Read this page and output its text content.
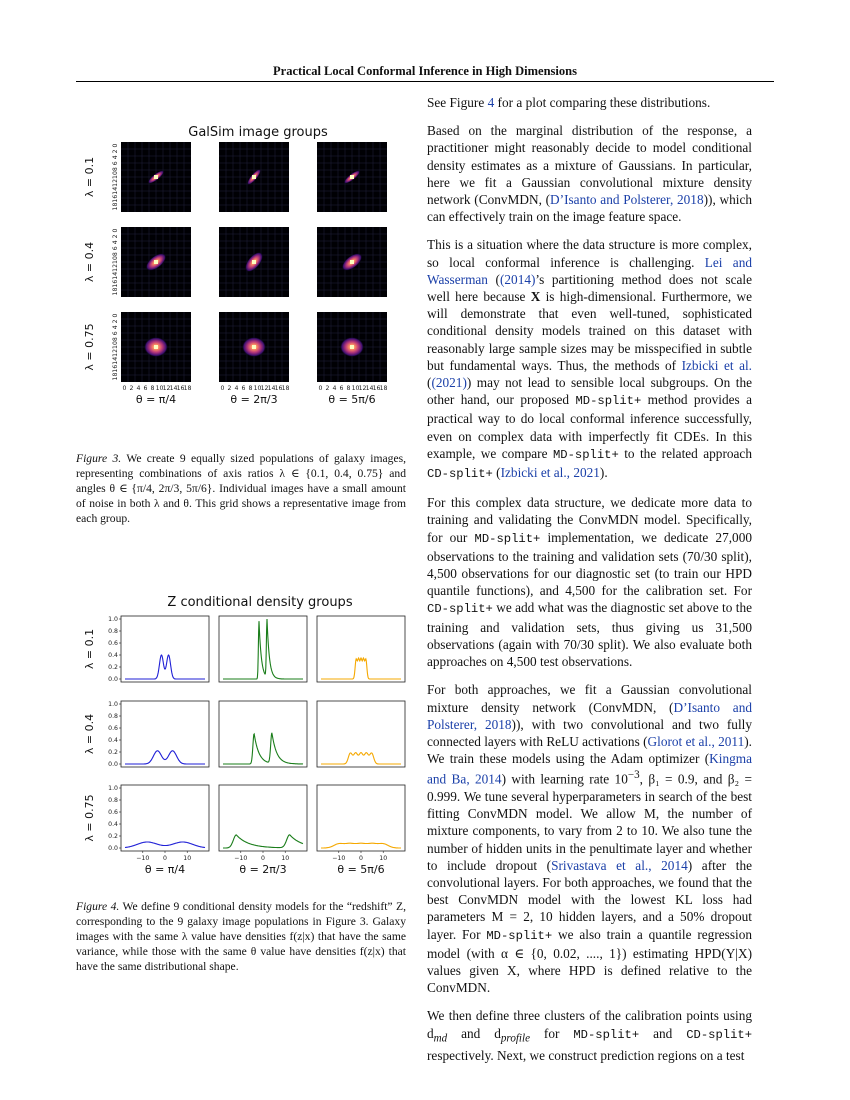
Practical Local Conformal Inference in High Dimensions
GalSim image groups
λ = 0.1	18161412108 6 4 2 0
λ = 0.4	18161412108 6 4 2 0
λ = 0.75	18161412108 6 4 2 0
0 2 4 6 8 10 12 14 16 18
θ = π/4
0 2 4 6 8 10 12 14 16 18
θ = 2π/3
0 2 4 6 8 10 12 14 16 18
θ = 5π/6

Figure 3. We create 9 equally sized populations of galaxy images, representing combinations of axis ratios λ ∈ {0.1, 0.4, 0.75} and angles θ ∈ {π/4, 2π/3, 5π/6}. Individual images have a small amount of noise in both λ and θ. This grid shows a representative image from each group.

Z conditional density groups
λ = 0.1
0.0
0.2
0.4
0.6
0.8
1.0
λ = 0.4
0.0
0.2
0.4
0.6
0.8
1.0
λ = 0.75
0.0
0.2
0.4
0.6
0.8
1.0
−10 0	10
θ = π/4
−10 0	10
θ = 2π/3
−10 0	10
θ = 5π/6

Figure 4. We define 9 conditional density models for the “redshift” Z, corresponding to the 9 galaxy image populations in Figure 3. Galaxy images with the same λ value have densities f(z|x) that have the same variance, while those with the same θ value have densities f(z|x) that have the same distributional shape.

See Figure 4 for a plot comparing these distributions.

Based on the marginal distribution of the response, a practitioner might reasonably decide to model conditional density estimates as a mixture of Gaussians. In particular, here we fit a Gaussian convolutional mixture density network (ConvMDN, (D’Isanto and Polsterer, 2018)), which can effectively train on the image feature space.

This is a situation where the data structure is more complex, so local conformal inference is challenging. Lei and Wasserman ((2014)’s partitioning method does not scale well here because X is high-dimensional. Furthermore, we will demonstrate that even well-tuned, sophisticated conditional density models trained on this dataset with reasonably large sample sizes may be misspecified in subtle but fundamental ways. Thus, the methods of Izbicki et al. ((2021)) may not lead to sensible local subgroups. On the other hand, our proposed MD-split+ method provides a practical way to do local conformal inference successfully, even on complex data with imperfectly fit CDEs. In this example, we compare MD-split+ to the related approach CD-split+ (Izbicki et al., 2021).

For this complex data structure, we dedicate more data to training and validating the ConvMDN model. Specifically, for our MD-split+ implementation, we dedicate 27,000 observations to the training and validation sets (70/30 split), 4,500 observations for our diagnostic set (to train our HPD quantile functions), and 4,500 for the calibration set. For CD-split+ we add what was the diagnostic set above to the training and validation sets, thus giving us 31,500 observations (again with 70/30 split). We also evaluate both approaches on 4,500 test observations.

For both approaches, we fit a Gaussian convolutional mixture density network (ConvMDN, (D’Isanto and Polsterer, 2018)), with two convolutional and two fully connected layers with ReLU activations (Glorot et al., 2011). We train these models using the Adam optimizer (Kingma and Ba, 2014) with learning rate $10^{-3}$, β₁ = 0.9, and β₂ = 0.999. We tune several hyperparameters in search of the best fitting ConvMDN model. We allow M, the number of mixture components, to vary from 2 to 10. We also tune the number of hidden units in the penultimate layer and whether to include dropout (Srivastava et al., 2014) after the convolutional layers. For both approaches, we found that the best ConvMDN model with the lowest KL loss had parameters M = 2, 10 hidden layers, and a 50% dropout layer. For MD-split+ we also train a quantile regression model (with α ∈ {0, 0.02, ...., 1}) estimating HPD(Y|X) values given X, where HPD is defined relative to the ConvMDN.

We then define three clusters of the calibration points using $d_{md}$ and $d_{profile}$ for MD-split+ and CD-split+ respectively. Next, we construct prediction regions on a test
